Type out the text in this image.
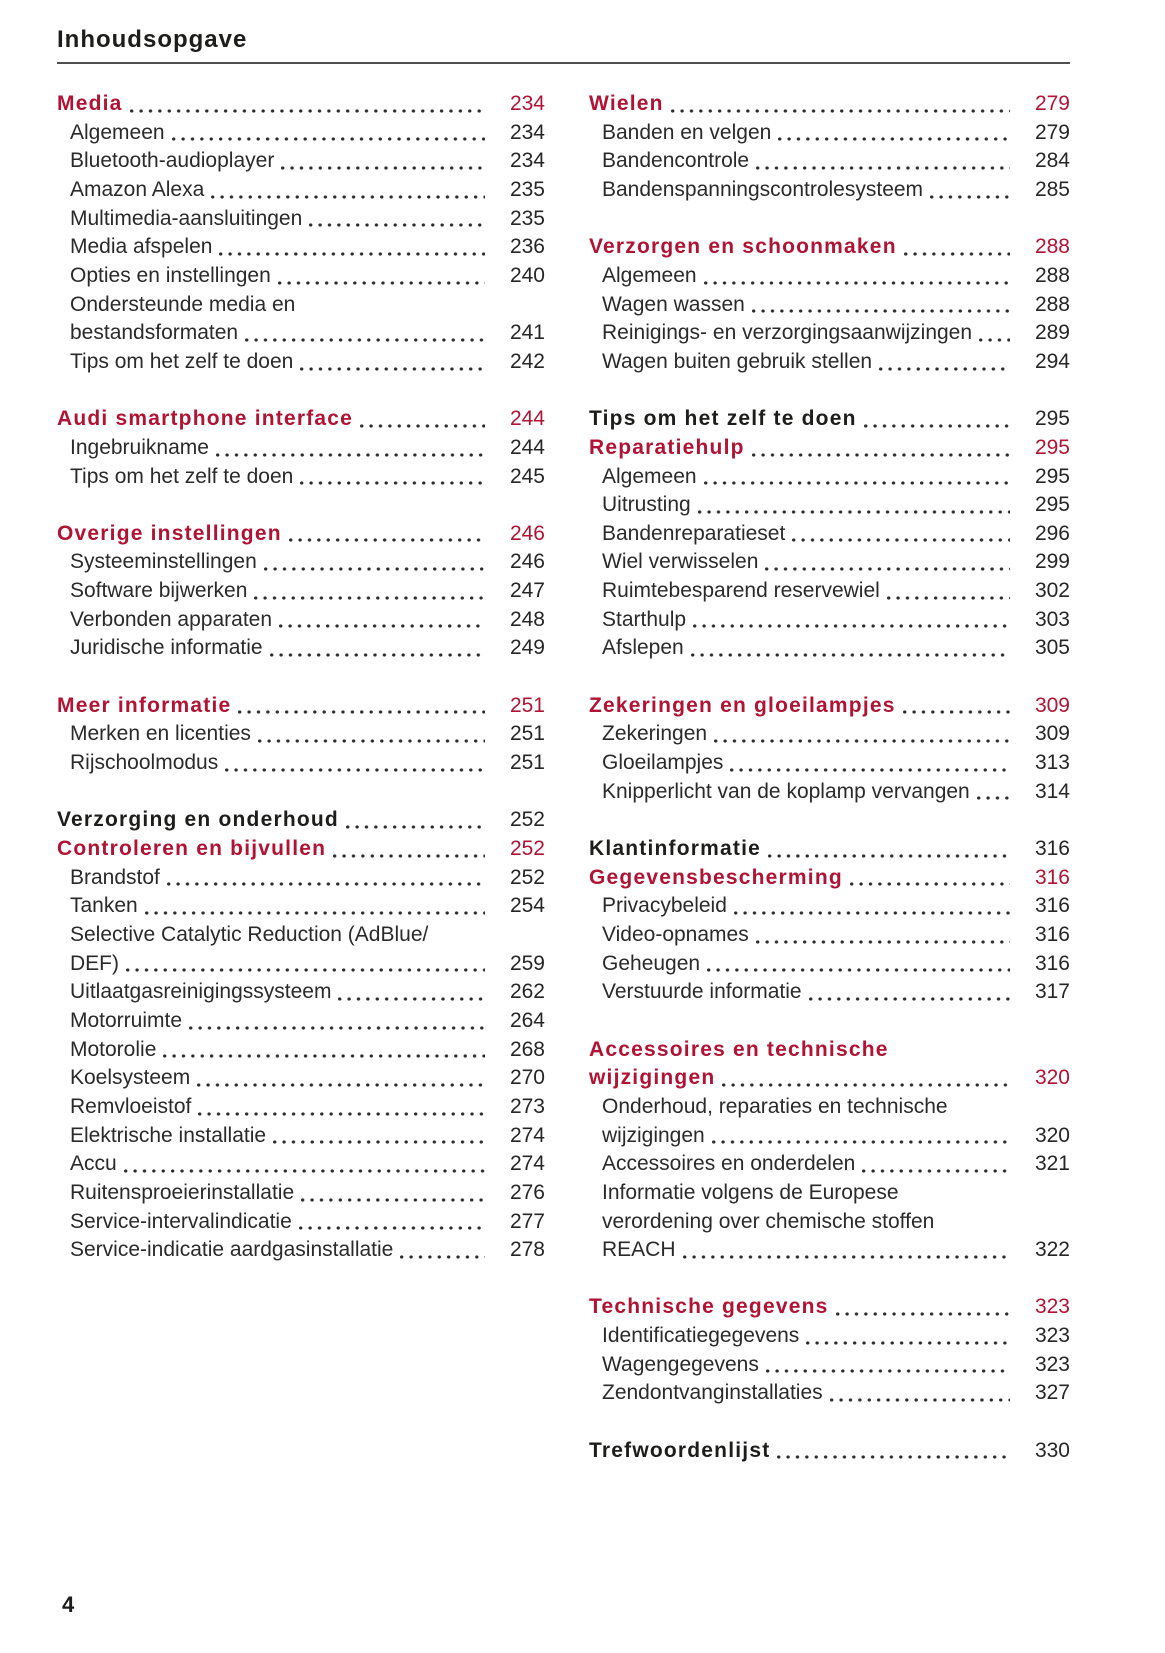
Inhoudsopgave
Media	234
Algemeen	234
Bluetooth-audioplayer	234
Amazon Alexa	235
Multimedia-aansluitingen	235
Media afspelen	236
Opties en instellingen	240
Ondersteunde media en
bestandsformaten	241
Tips om het zelf te doen	242
Audi smartphone interface	244
Ingebruikname	244
Tips om het zelf te doen	245
Overige instellingen	246
Systeeminstellingen	246
Software bijwerken	247
Verbonden apparaten	248
Juridische informatie	249
Meer informatie	251
Merken en licenties	251
Rijschoolmodus	251
Verzorging en onderhoud	252
Controleren en bijvullen	252
Brandstof	252
Tanken	254
Selective Catalytic Reduction (AdBlue/
DEF)	259
Uitlaatgasreinigingssysteem	262
Motorruimte	264
Motorolie	268
Koelsysteem	270
Remvloeistof	273
Elektrische installatie	274
Accu	274
Ruitensproeierinstallatie	276
Service-intervalindicatie	277
Service-indicatie aardgasinstallatie	278
Wielen	279
Banden en velgen	279
Bandencontrole	284
Bandenspanningscontrolesysteem	285
Verzorgen en schoonmaken	288
Algemeen	288
Wagen wassen	288
Reinigings- en verzorgingsaanwijzingen	289
Wagen buiten gebruik stellen	294
Tips om het zelf te doen	295
Reparatiehulp	295
Algemeen	295
Uitrusting	295
Bandenreparatieset	296
Wiel verwisselen	299
Ruimtebesparend reservewiel	302
Starthulp	303
Afslepen	305
Zekeringen en gloeilampjes	309
Zekeringen	309
Gloeilampjes	313
Knipperlicht van de koplamp vervangen	314
Klantinformatie	316
Gegevensbescherming	316
Privacybeleid	316
Video-opnames	316
Geheugen	316
Verstuurde informatie	317
Accessoires en technische
wijzigingen	320
Onderhoud, reparaties en technische
wijzigingen	320
Accessoires en onderdelen	321
Informatie volgens de Europese
verordening over chemische stoffen
REACH	322
Technische gegevens	323
Identificatiegegevens	323
Wagengegevens	323
Zendontvanginstallaties	327
Trefwoordenlijst	330
4
